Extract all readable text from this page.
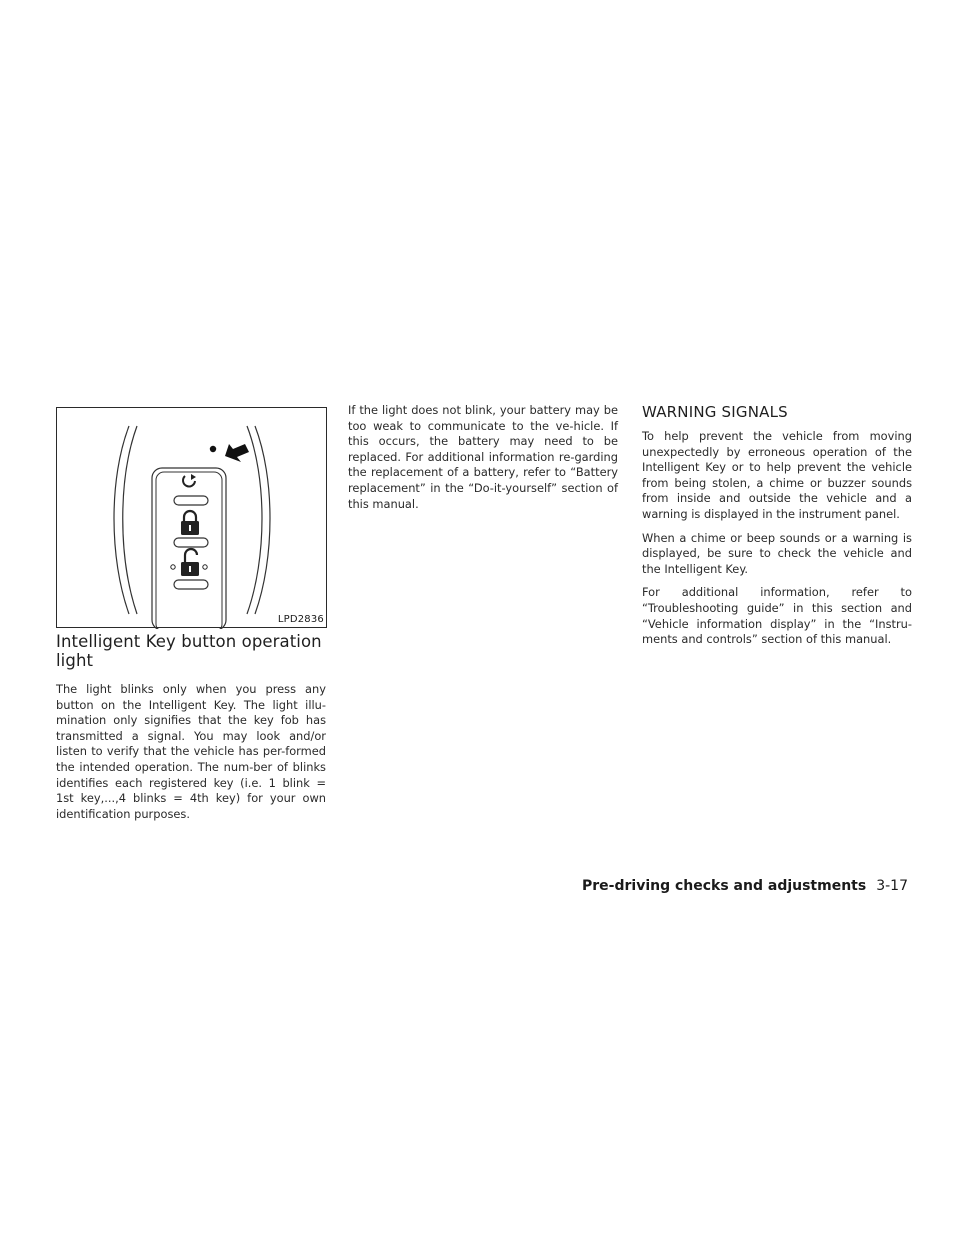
LPD2836
Intelligent Key button operation light

The light blinks only when you press any button on the Intelligent Key. The light illu-mination only signifies that the key fob has transmitted a signal. You may look and/or listen to verify that the vehicle has per-formed the intended operation. The num-ber of blinks identifies each registered key (i.e. 1 blink = 1st key,...,4 blinks = 4th key) for your own identification purposes.

If the light does not blink, your battery may be too weak to communicate to the ve-hicle. If this occurs, the battery may need to be replaced. For additional information re-garding the replacement of a battery, refer to “Battery replacement” in the “Do-it-yourself” section of this manual.

WARNING SIGNALS

To help prevent the vehicle from moving unexpectedly by erroneous operation of the Intelligent Key or to help prevent the vehicle from being stolen, a chime or buzzer sounds from inside and outside the vehicle and a warning is displayed in the instrument panel.

When a chime or beep sounds or a warning is displayed, be sure to check the vehicle and the Intelligent Key.

For additional information, refer to “Troubleshooting guide” in this section and “Vehicle information display” in the “Instru-ments and controls” section of this manual.

Pre-driving checks and adjustments 3-17
